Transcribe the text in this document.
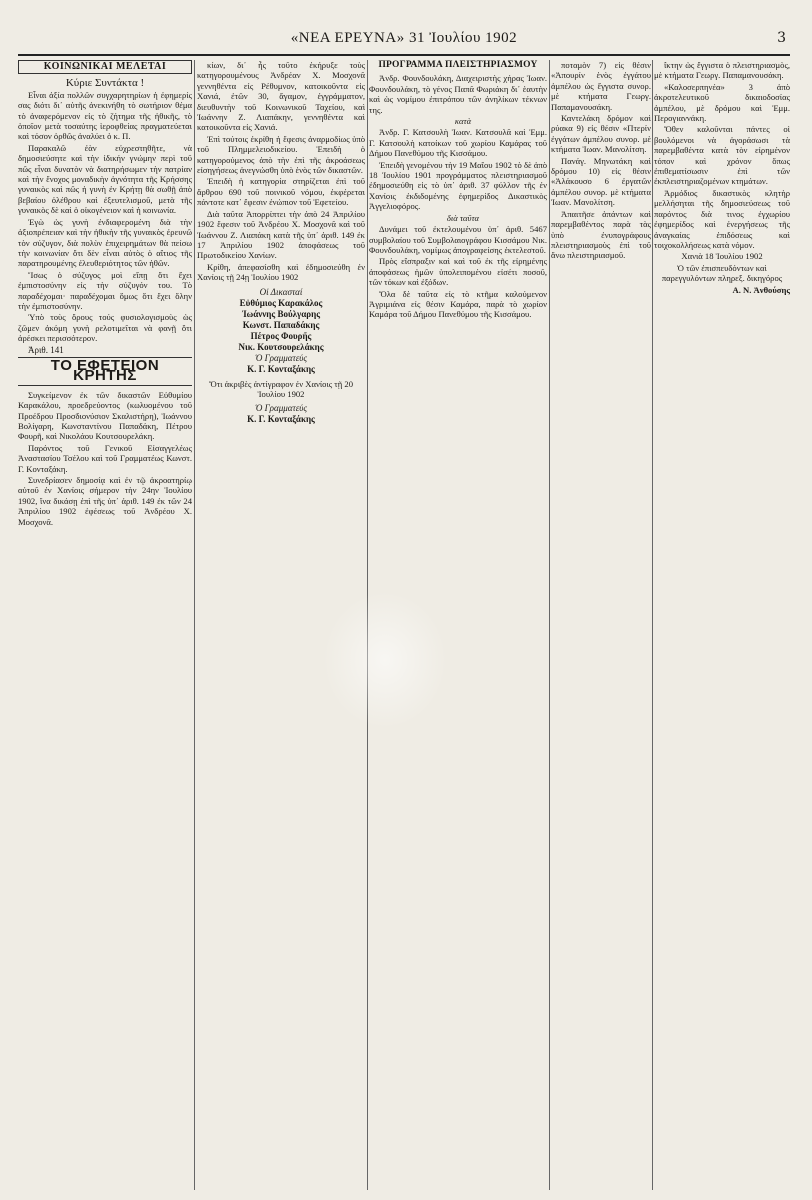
«ΝΕΑ ΕΡΕΥΝΑ» 31 Ἰουλίου 1902	3
ΚΟΙΝΩΝΙΚΑΙ ΜΕΛΕΤΑΙ

Κύριε Συντάκτα !

Εἶναι ἀξία πολλῶν συγχαρητηρίων ἡ ἐφημερίς σας διότι δι᾿ αὐτῆς ἀνεκινήθη τὸ σωτήριον θέμα τὸ ἀναφερόμενον εἰς τὸ ζήτημα τῆς ἠθικῆς, τὸ ὁποῖον μετὰ τοσαύτης ἱεροφθείας πραγματεύεται καὶ τόσον ὀρθῶς ἀναλύει ὁ κ. Π.

Παρακαλῶ ἐὰν εὐχρεστηθῆτε, νὰ δημοσιεύσητε καὶ τὴν ἰδικήν γνώμην περὶ τοῦ πῶς εἶναι δυνατὸν νὰ διατηρήσωμεν τὴν πατρίαν καὶ τὴν ἔνοχος μοναδικὴν ἀγνότητα τῆς Κρήσσης γυναικὸς καὶ πῶς ἡ γυνὴ ἐν Κρήτῃ θὰ σωθῇ ἀπὸ βεβαίου ὀλέθρου καὶ ἐξευτελισμοῦ, μετὰ τῆς γυναικὸς δὲ καὶ ὁ οἰκογένειον καὶ ἡ κοινωνία.

Ἐγὼ ὡς γυνὴ ἐνδιαφερομένη διὰ τὴν ἀξιοπρέπειαν καὶ τὴν ἠθικὴν τῆς γυναικὸς ἐρευνῶ τὸν σύζυγον, διὰ πολὺν ἐπιχειρημάτων θὰ πείσω τὴν κοινωνίαν ὅτι δὲν εἶναι αὐτὸς ὁ αἴτιος τῆς παρατηρουμένης ἐλευθεριότητος τῶν ἠθῶν.

Ἴσως ὁ σύζυγος μοὶ εἴπῃ ὅτι ἔχει ἐμπιστοσύνην εἰς τὴν σύζυγόν του. Τὸ παραδέχομαι· παραδέχομαι ὅμως ὅτι ἔχει ὅλην τὴν ἐμπιστοσύνην.

Ὑπὸ τοὺς ὅρους τούς φυσιολογισμοὺς ὡς ζῶμεν ἀκόμη γυνὴ ρελοτιμεῖται νὰ φανῇ ὅτι ἀρέσκει περισσότερον.

Ἀριθ. 141

ΤΟ ΕΦΕΤΕΙΟΝ ΚΡΗΤΗΣ

Συγκείμενον ἐκ τῶν δικαστῶν Εὐθυμίου Καρακάλου, προεδρεύοντος (κωλυομένου τοῦ Προέδρου Προσδιονύσιον Σκαλιστήρη), Ἰωάννου Βολίγαρη, Κωνσταντίνου Παπαδάκη, Πέτρου Φουρῆ, καὶ Νικολάου Κουτσουρελάκη.

Παρόντος τοῦ Γενικοῦ Εἰσαγγελέως Ἀναστασίου Τσέλου καὶ τοῦ Γραμματέως Κωνστ. Γ. Κονταξάκη.

Συνεδρίασεν δημοσίᾳ καὶ ἐν τῷ ἀκροατηρίῳ αὐτοῦ ἐν Χανίοις σήμερον τὴν 24ην Ἰουλίου 1902, ἵνα δικάσῃ ἐπὶ τῆς ὑπ᾿ ἀριθ. 149 ἐκ τῶν 24 Ἀπριλίου 1902 ἐφέσεως τοῦ Ἀνδρέου Χ. Μοσχονᾶ.

κίων, δι᾿ ἧς τοῦτο ἐκήρυξε τοὺς κατηγορουμένους Ἀνδρέαν Χ. Μοσχονᾶ γεννηθέντα εἰς Ρέθυμνον, κατοικοῦντα εἰς Χανιά, ἐτῶν 30, ἄγαμον, ἐγγράμματον, διευθυντὴν τοῦ Κοινωνικοῦ Ταχείου, καὶ Ἰωάννην Ζ. Λιαπάκην, γεννηθέντα καὶ κατοικοῦντα εἰς Χανιά.

Ἐπὶ τούτοις ἐκρίθη ἡ ἔφεσις ἀναρμοδίως ὑπὸ τοῦ Πλημμελειοδικείου. Ἐπειδὴ ὁ κατηγορούμενος ἀπὸ τὴν ἐπὶ τῆς ἀκροάσεως εἰσηγήσεως ἀνεγνώσθη ὑπὸ ἑνὸς τῶν δικαστῶν.

Ἐπειδὴ ἡ κατηγορία στηρίζεται ἐπὶ τοῦ ἄρθρου 690 τοῦ ποινικοῦ νόμου, ἐκφέρεται πάντοτε κατ᾿ ἔφεσιν ἐνώπιον τοῦ Ἐφετείου.

Διὰ ταῦτα Ἀπορρίπτει τὴν ἀπὸ 24 Ἀπριλίου 1902 ἔφεσιν τοῦ Ἀνδρέου Χ. Μοσχονᾶ καὶ τοῦ Ἰωάννου Ζ. Λιαπάκη κατὰ τῆς ὑπ᾿ ἀριθ. 149 ἐκ 17 Ἀπριλίου 1902 ἀποφάσεως τοῦ Πρωτοδικείου Χανίων.

Κρίθη, ἀπεφασίσθη καὶ ἐδημοσιεύθη ἐν Χανίοις τῇ 24ῃ Ἰουλίου 1902

Οἱ Δικασταί
Εὐθύμιος Καρακάλος
Ἰωάννης Βούλγαρης
Κωνστ. Παπαδάκης
Πέτρος Φουρῆς
Νικ. Κουτσουρελάκης
Ὁ Γραμματεύς
Κ. Γ. Κονταξάκης

Ὅτι ἀκριβὲς ἀντίγραφον ἐν Χανίοις τῇ 20 Ἰουλίου 1902

Ὁ Γραμματεύς
Κ. Γ. Κονταξάκης
ΠΡΟΓΡΑΜΜΑ ΠΛΕΙΣΤΗΡΙΑΣΜΟΥ

Ἀνδρ. Φουνδουλάκη, Διαχειριστὴς χήρας Ἰωαν. Φουνδουλάκη, τὸ γένος Παπᾶ Φωριάκη δι᾿ ἑαυτὴν καὶ ὡς νομίμου ἐπιτρόπου τῶν ἀνηλίκων τέκνων της.

κατὰ

Ἀνδρ. Γ. Κατσουλὴ Ἰωαν. Κατσουλᾶ καὶ Ἐμμ. Γ. Κατσουλὴ κατοίκων τοῦ χωρίου Καμάρας τοῦ Δήμου Πανεθύμου τῆς Κισσάμου.

Ἐπειδὴ γενομένου τὴν 19 Μαΐου 1902 τὸ δὲ ἀπὸ 18 Ἰουλίου 1901 προγράμματος πλειστηριασμοῦ ἐδημοσιεύθη εἰς τὸ ὑπ᾿ ἀριθ. 37 φύλλον τῆς ἐν Χανίοις ἐκδιδομένης ἐφημερίδος Δικαστικὸς Ἀγγελιοφόρος.

διὰ ταῦτα

Δυνάμει τοῦ ἐκτελουμένου ὑπ᾿ ἀριθ. 5467 συμβολαίου τοῦ Συμβολαιογράφου Κισσάμου Νικ. Φουνδουλάκη, νομίμως ἀπογραφείσης ἐκτελεστοῦ.

Πρὸς εἴσπραξιν καὶ καὶ τοῦ ἐκ τῆς εἰρημένης ἀποφάσεως ἡμῶν ὑπολειπομένου εἰσέτι ποσοῦ, τῶν τόκων καὶ ἐξόδων.

Ὅλα δὲ ταῦτα εἰς τὸ κτῆμα καλούμενον Ἀγριμιάνα εἰς θέσιν Καμάρα, παρὰ τὸ χωρίον Καμάρα τοῦ Δήμου Πανεθύμου τῆς Κισσάμου.

ποταμὸν 7) εἰς θέσιν «Ἀπουρίν ἑνὸς ἐγγάτου ἀμπέλου ὡς ἔγγιστα συνορ. μὲ κτήματα Γεωργ. Παπαμανουσάκη.

Καντελάκη δρόμον καὶ ρύακα 9) εἰς θέσιν «Πτερίν ἐγγάτων ἀμπέλου συνορ. μὲ κτήματα Ἰωαν. Μανολίτση.

Πανάγ. Μηνωτάκη καὶ δρόμου 10) εἰς θέσιν «Ἀλάκουσο 6 ἐργατῶν ἀμπέλου συνορ. μὲ κτήματα Ἰωαν. Μανολίτση.

Ἀπαιτῆσε ἁπάντων καὶ παρεμβαθέντος παρὰ τὰς ὑπὸ ἐνυπογράφους πλειστηριασμοὺς ἐπὶ τοῦ ἄνω πλειστηριασμοῦ.

ΐκτην ὡς ἔγγιστα ὁ πλειστηριασμὸς, μὲ κτήματα Γεωργ. Παπαμανουσάκη.

«Καλοσερπηνέα» 3 ἀπὸ ἀκροτελευτικοῦ δικαιοδοσίας ἀμπέλου, μὲ δρόμου καὶ Ἐμμ. Περογιαννάκη.

Ὅθεν καλοῦνται πάντες οἱ βουλόμενοι νὰ ἀγοράσωσι τὰ παρεμβαθέντα κατὰ τὸν εἰρημένον τόπον καὶ χρόνον ὅπως ἐπιθεματίσωσιν ἐπὶ τῶν ἐκπλειστηριαζομένων κτημάτων.

Ἀρμόδιος δικαστικὸς κλητὴρ μελλήσηται τῆς δημοσιεύσεως τοῦ παρόντος διὰ τινος ἐγχωρίου ἐφημερίδος καὶ ἐνεργήσεως τῆς ἀναγκαίας ἐπιδόσεως καὶ τοιχοκολλήσεως κατὰ νόμον.

Χανιὰ 18 Ἰουλίου 1902

Ὁ τῶν ἐπισπευδόντων καὶ παρεγγυλόντων πληρεξ. δικηγόρος

Α. Ν. Ἀνθούσης
